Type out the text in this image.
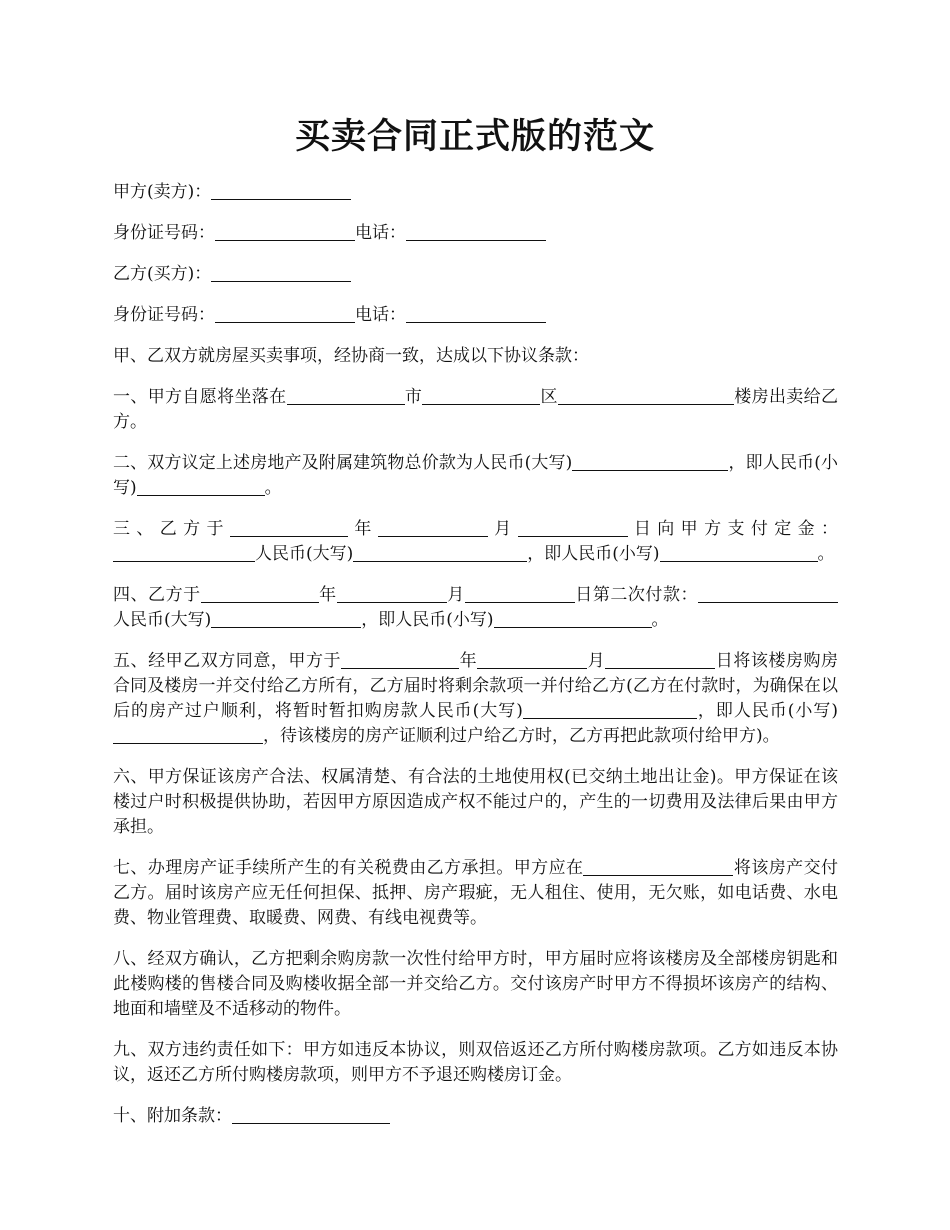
买卖合同正式版的范文

甲方(卖方)：

身份证号码：	电话：

乙方(买方)：

身份证号码：	电话：

甲、乙双方就房屋买卖事项，经协商一致，达成以下协议条款：

一、甲方自愿将坐落在	市	区	楼房出卖给乙方。

二、双方议定上述房地产及附属建筑物总价款为人民币(大写)	，即人民币(小写)	。

三、乙方于	年	月	日向甲方支付定金：人民币(大写)	，即人民币(小写)	。

四、乙方于	年	月	日第二次付款：人民币(大写)	，即人民币(小写)	。

五、经甲乙双方同意，甲方于	年	月	日将该楼房购房合同及楼房一并交付给乙方所有，乙方届时将剩余款项一并付给乙方(乙方在付款时，为确保在以后的房产过户顺利，将暂时暂扣购房款人民币(大写)	，即人民币(小写)，待该楼房的房产证顺利过户给乙方时，乙方再把此款项付给甲方)。

六、甲方保证该房产合法、权属清楚、有合法的土地使用权(已交纳土地出让金)。甲方保证在该楼过户时积极提供协助，若因甲方原因造成产权不能过户的，产生的一切费用及法律后果由甲方承担。

七、办理房产证手续所产生的有关税费由乙方承担。甲方应在	将该房产交付乙方。届时该房产应无任何担保、抵押、房产瑕疵，无人租住、使用，无欠账，如电话费、水电费、物业管理费、取暖费、网费、有线电视费等。

八、经双方确认，乙方把剩余购房款一次性付给甲方时，甲方届时应将该楼房及全部楼房钥匙和此楼购楼的售楼合同及购楼收据全部一并交给乙方。交付该房产时甲方不得损坏该房产的结构、地面和墙壁及不适移动的物件。

九、双方违约责任如下：甲方如违反本协议，则双倍返还乙方所付购楼房款项。乙方如违反本协议，返还乙方所付购楼房款项，则甲方不予退还购楼房订金。

十、附加条款：
